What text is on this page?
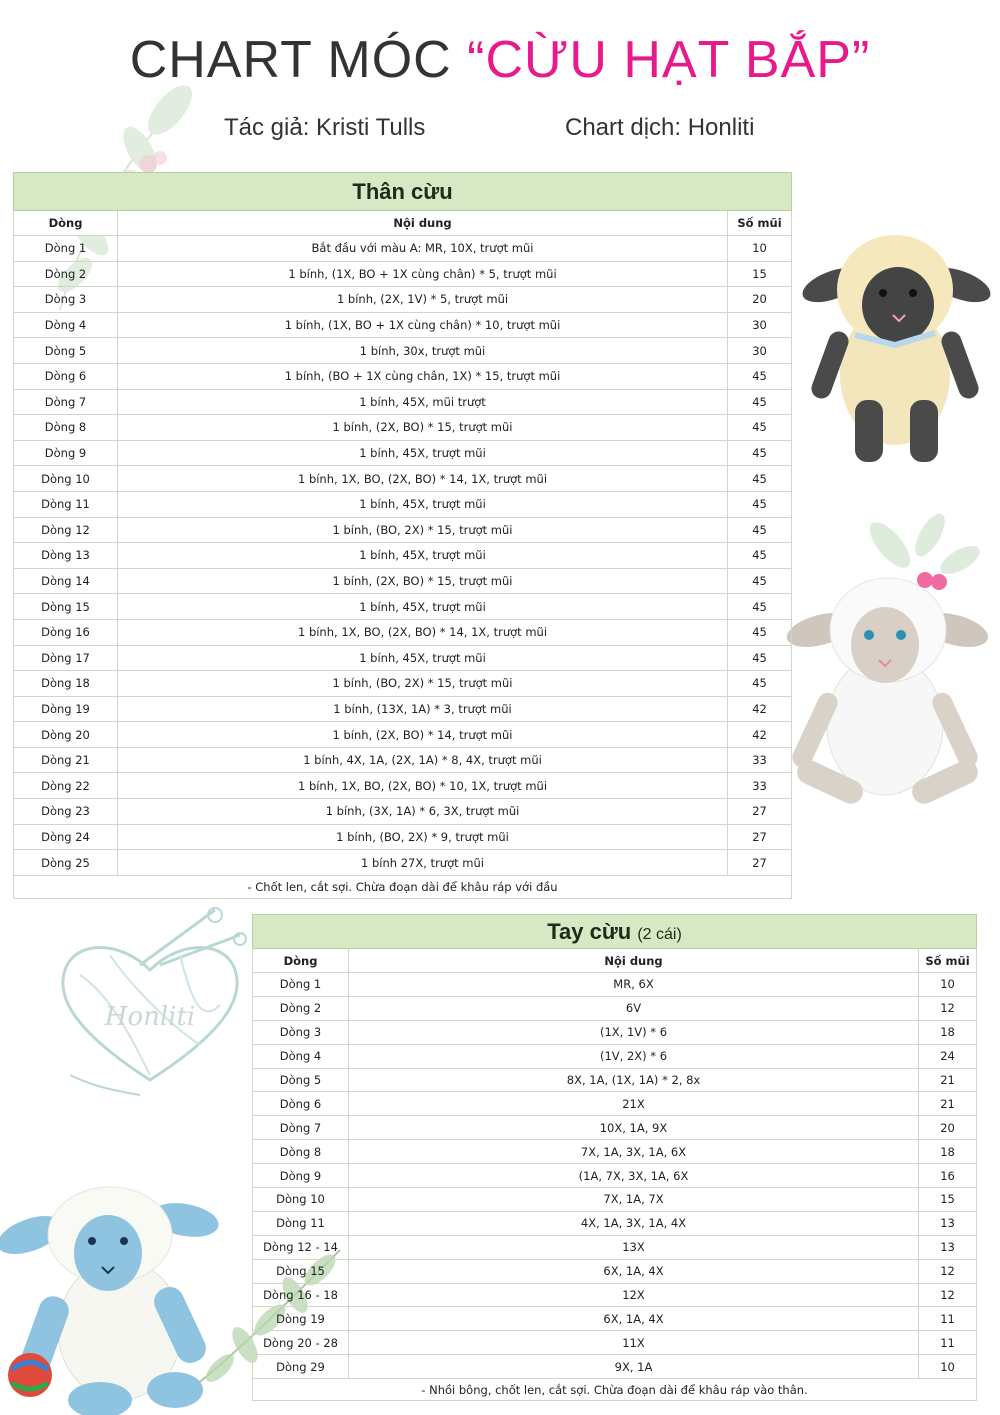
CHART MÓC “CỪU HẠT BẮP”
Tác giả: Kristi Tulls	Chart dịch: Honliti
Honliti
Thân cừu		
Dòng	Nội dung	Số mũi
Dòng 1	Bắt đầu với màu A: MR, 10X, trượt mũi	10
Dòng 2	1 bính, (1X, BO + 1X cùng chân) * 5, trượt mũi	15
Dòng 3	1 bính, (2X, 1V) * 5, trượt mũi	20
Dòng 4	1 bính, (1X, BO + 1X cùng chân) * 10, trượt mũi	30
Dòng 5	1 bính, 30x, trượt mũi	30
Dòng 6	1 bính, (BO + 1X cùng chân, 1X) * 15, trượt mũi	45
Dòng 7	1 bính, 45X, mũi trượt	45
Dòng 8	1 bính, (2X, BO) * 15, trượt mũi	45
Dòng 9	1 bính, 45X, trượt mũi	45
Dòng 10	1 bính, 1X, BO, (2X, BO) * 14, 1X, trượt mũi	45
Dòng 11	1 bính, 45X, trượt mũi	45
Dòng 12	1 bính, (BO, 2X) * 15, trượt mũi	45
Dòng 13	1 bính, 45X, trượt mũi	45
Dòng 14	1 bính, (2X, BO) * 15, trượt mũi	45
Dòng 15	1 bính, 45X, trượt mũi	45
Dòng 16	1 bính, 1X, BO, (2X, BO) * 14, 1X, trượt mũi	45
Dòng 17	1 bính, 45X, trượt mũi	45
Dòng 18	1 bính, (BO, 2X) * 15, trượt mũi	45
Dòng 19	1 bính, (13X, 1A) * 3, trượt mũi	42
Dòng 20	1 bính, (2X, BO) * 14, trượt mũi	42
Dòng 21	1 bính, 4X, 1A, (2X, 1A) * 8, 4X, trượt mũi	33
Dòng 22	1 bính, 1X, BO, (2X, BO) * 10, 1X, trượt mũi	33
Dòng 23	1 bính, (3X, 1A) * 6, 3X, trượt mũi	27
Dòng 24	1 bính, (BO, 2X) * 9, trượt mũi	27
Dòng 25	1 bính 27X, trượt mũi	27
- Chốt len, cắt sợi. Chừa đoạn dài để khâu ráp với đầu		
Tay cừu (2 cái)		
Dòng	Nội dung	Số mũi
Dòng 1	MR, 6X	10
Dòng 2	6V	12
Dòng 3	(1X, 1V) * 6	18
Dòng 4	(1V, 2X) * 6	24
Dòng 5	8X, 1A, (1X, 1A) * 2, 8x	21
Dòng 6	21X	21
Dòng 7	10X, 1A, 9X	20
Dòng 8	7X, 1A, 3X, 1A, 6X	18
Dòng 9	(1A, 7X, 3X, 1A, 6X	16
Dòng 10	7X, 1A, 7X	15
Dòng 11	4X, 1A, 3X, 1A, 4X	13
Dòng 12 - 14	13X	13
Dòng 15	6X, 1A, 4X	12
Dòng 16 - 18	12X	12
Dòng 19	6X, 1A, 4X	11
Dòng 20 - 28	11X	11
Dòng 29	9X, 1A	10
- Nhồi bông, chốt len, cắt sợi. Chừa đoạn dài để khâu ráp vào thân.		
